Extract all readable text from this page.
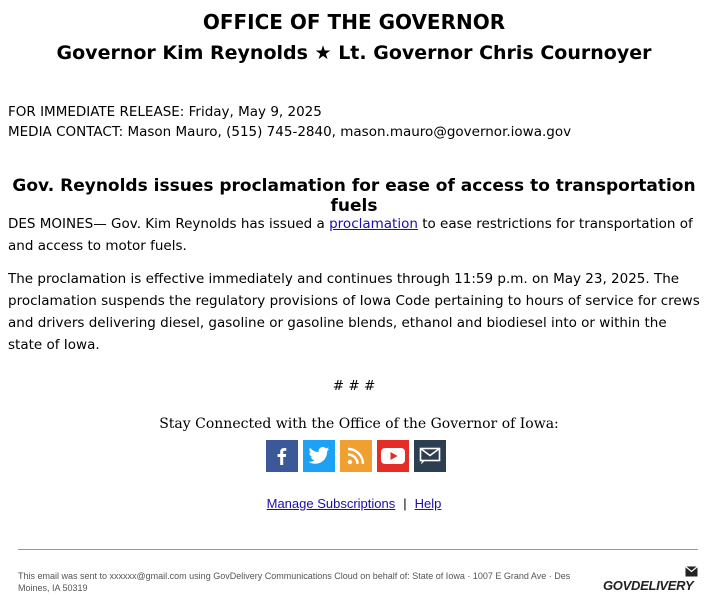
OFFICE OF THE GOVERNOR
Governor Kim Reynolds ★ Lt. Governor Chris Cournoyer
FOR IMMEDIATE RELEASE: Friday, May 9, 2025
MEDIA CONTACT: Mason Mauro, (515) 745-2840, mason.mauro@governor.iowa.gov
Gov. Reynolds issues proclamation for ease of access to transportation fuels
DES MOINES— Gov. Kim Reynolds has issued a proclamation to ease restrictions for transportation of and access to motor fuels.
The proclamation is effective immediately and continues through 11:59 p.m. on May 23, 2025. The proclamation suspends the regulatory provisions of Iowa Code pertaining to hours of service for crews and drivers delivering diesel, gasoline or gasoline blends, ethanol and biodiesel into or within the state of Iowa.
# # #
Stay Connected with the Office of the Governor of Iowa:
Manage Subscriptions | Help
This email was sent to xxxxxx@gmail.com using GovDelivery Communications Cloud on behalf of: State of Iowa · 1007 E Grand Ave · Des Moines, IA 50319	GOVDELIVERY
